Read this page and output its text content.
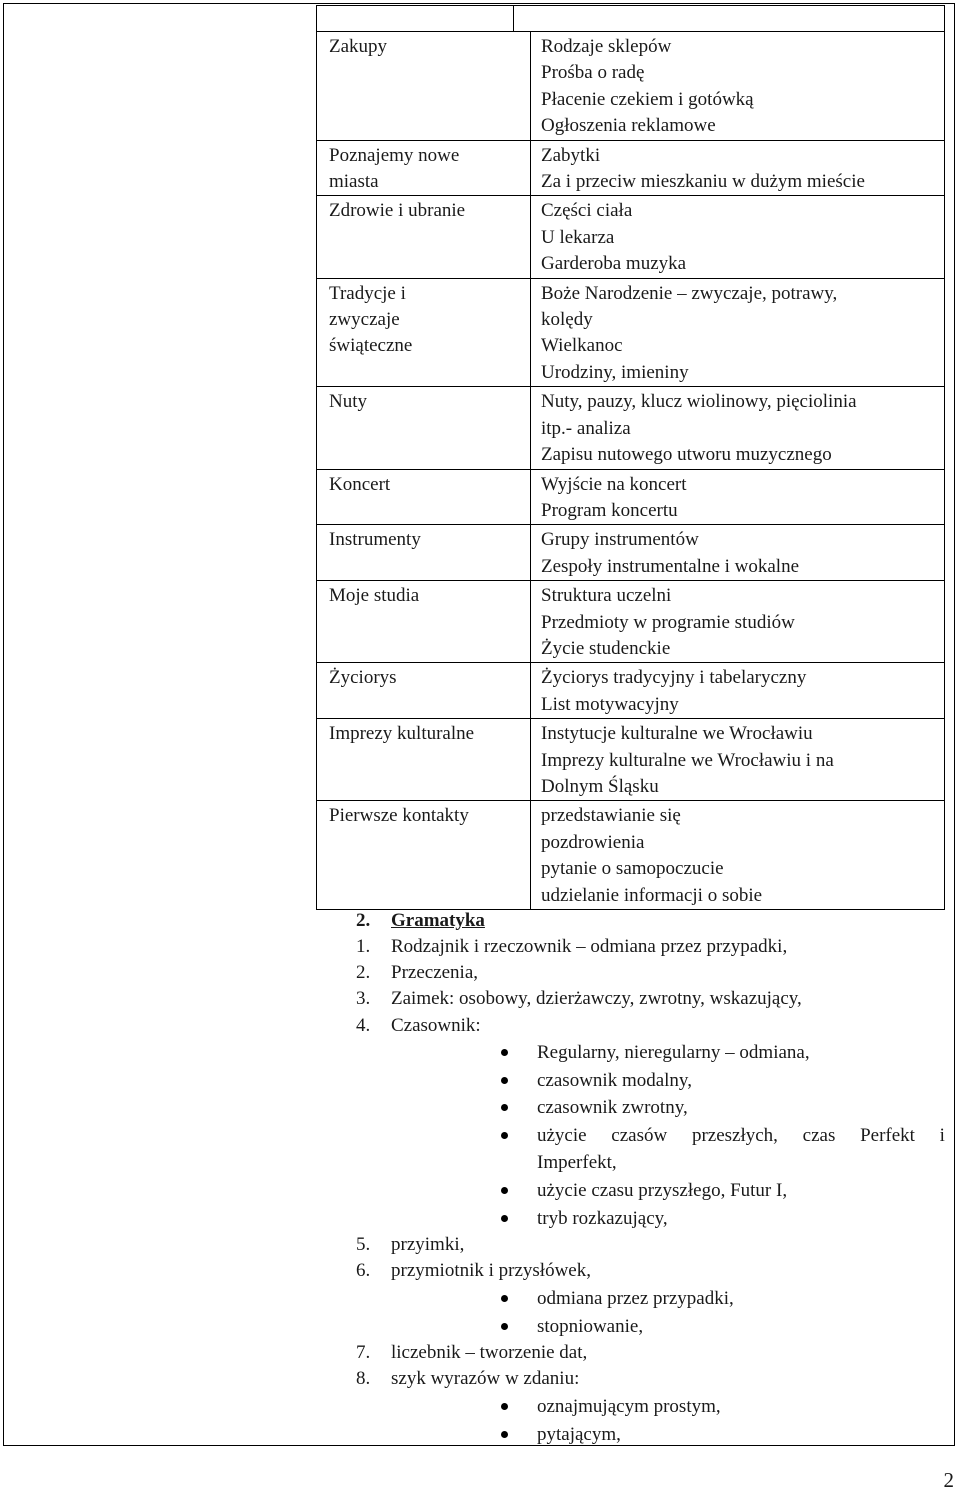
Zakupy	Rodzaje sklepów
Prośba o radę
Płacenie czekiem i gotówką
Ogłoszenia reklamowe

Poznajemy nowe
miasta	Zabytki
Za i przeciw mieszkaniu w dużym mieście

Zdrowie i ubranie	Części ciała
U lekarza
Garderoba muzyka

Tradycje i
zwyczaje
świąteczne	Boże Narodzenie – zwyczaje, potrawy,
kolędy
Wielkanoc
Urodziny, imieniny

Nuty	Nuty, pauzy, klucz wiolinowy, pięciolinia
itp.- analiza
Zapisu nutowego utworu muzycznego

Koncert	Wyjście na koncert
Program koncertu

Instrumenty	Grupy instrumentów
Zespoły instrumentalne i wokalne

Moje studia	Struktura uczelni
Przedmioty w programie studiów
Życie studenckie

Życiorys	Życiorys tradycyjny i tabelaryczny
List motywacyjny

Imprezy kulturalne	Instytucje kulturalne we Wrocławiu
Imprezy kulturalne we Wrocławiu i na
Dolnym Śląsku

Pierwsze kontakty	przedstawianie się
pozdrowienia
pytanie o samopoczucie
udzielanie informacji o sobie
2. Gramatyka
1. Rodzajnik i rzeczownik – odmiana przez przypadki,
2. Przeczenia,
3. Zaimek: osobowy, dzierżawczy, zwrotny, wskazujący,
4. Czasownik:
Regularny, nieregularny – odmiana,
czasownik modalny,
czasownik zwrotny,
użycie czasów przeszłych, czas Perfekt i
Imperfekt,
użycie czasu przyszłego, Futur I,
tryb rozkazujący,
5. przyimki,
6. przymiotnik i przysłówek,
odmiana przez przypadki,
stopniowanie,
7. liczebnik – tworzenie dat,
8. szyk wyrazów w zdaniu:
oznajmującym prostym,
pytającym,
2
